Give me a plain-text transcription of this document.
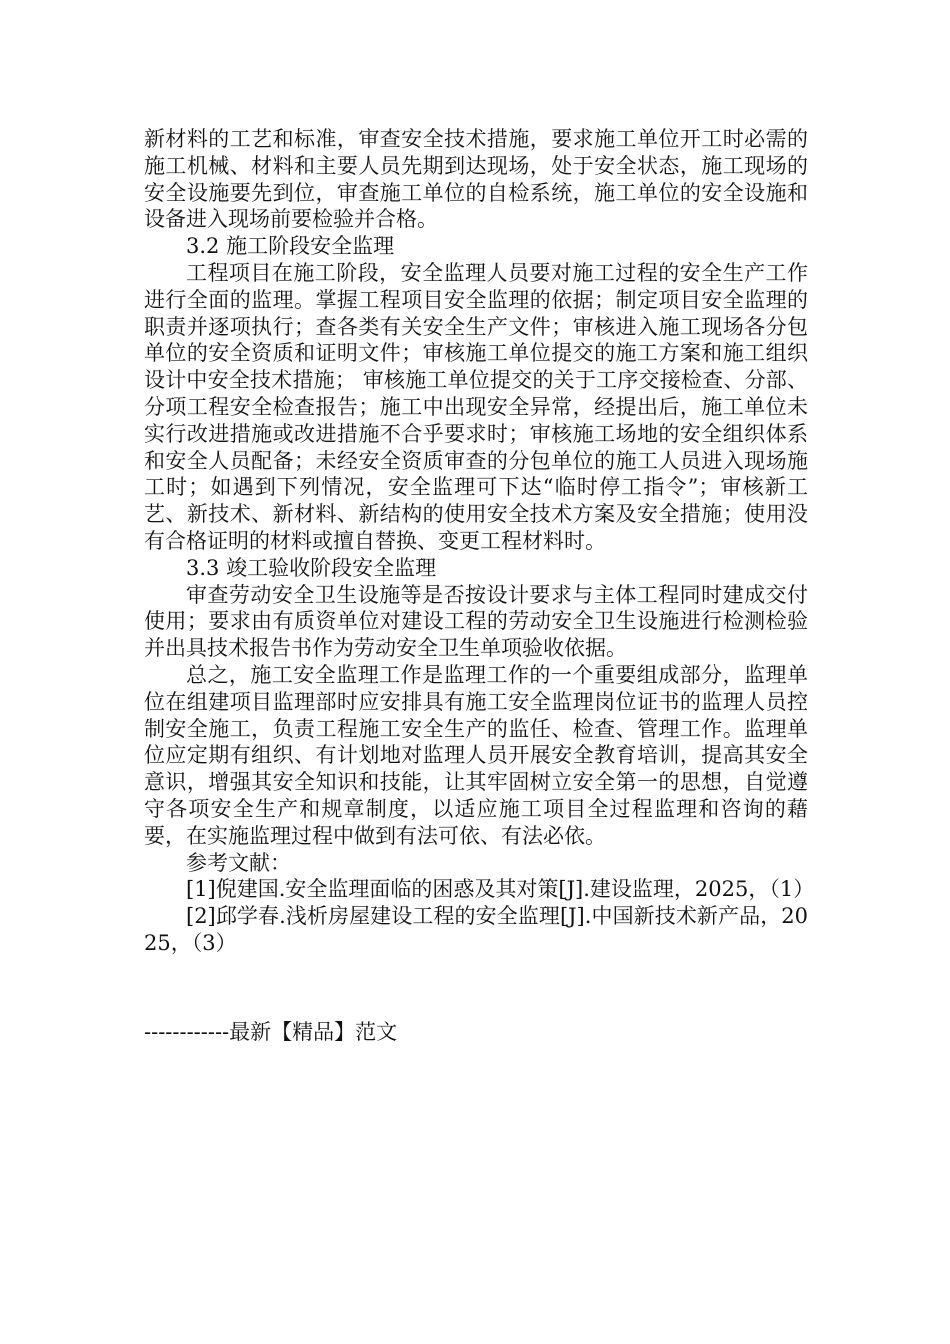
新材料的工艺和标准，审查安全技术措施，要求施工单位开工时必需的施工机械、材料和主要人员先期到达现场，处于安全状态，施工现场的安全设施要先到位，审查施工单位的自检系统，施工单位的安全设施和设备进入现场前要检验并合格。

3.2 施工阶段安全监理

工程项目在施工阶段，安全监理人员要对施工过程的安全生产工作进行全面的监理。掌握工程项目安全监理的依据；制定项目安全监理的职责并逐项执行；查各类有关安全生产文件；审核进入施工现场各分包单位的安全资质和证明文件；审核施工单位提交的施工方案和施工组织设计中安全技术措施； 审核施工单位提交的关于工序交接检查、分部、分项工程安全检查报告；施工中出现安全异常，经提出后，施工单位未实行改进措施或改进措施不合乎要求时；审核施工场地的安全组织体系和安全人员配备；未经安全资质审查的分包单位的施工人员进入现场施工时；如遇到下列情况，安全监理可下达“临时停工指令”；审核新工艺、新技术、新材料、新结构的使用安全技术方案及安全措施；使用没有合格证明的材料或擅自替换、变更工程材料时。

3.3 竣工验收阶段安全监理

审查劳动安全卫生设施等是否按设计要求与主体工程同时建成交付使用；要求由有质资单位对建设工程的劳动安全卫生设施进行检测检验并出具技术报告书作为劳动安全卫生单项验收依据。

总之，施工安全监理工作是监理工作的一个重要组成部分，监理单位在组建项目监理部时应安排具有施工安全监理岗位证书的监理人员控制安全施工，负责工程施工安全生产的监任、检查、管理工作。监理单位应定期有组织、有计划地对监理人员开展安全教育培训，提高其安全意识，增强其安全知识和技能，让其牢固树立安全第一的思想，自觉遵守各项安全生产和规章制度，以适应施工项目全过程监理和咨询的藉要，在实施监理过程中做到有法可依、有法必依。

参考文献：

[1]倪建国.安全监理面临的困惑及其对策[J].建设监理，2025，（1）

[2]邱学春.浅析房屋建设工程的安全监理[J].中国新技术新产品，2025，（3）

------------最新【精品】范文
